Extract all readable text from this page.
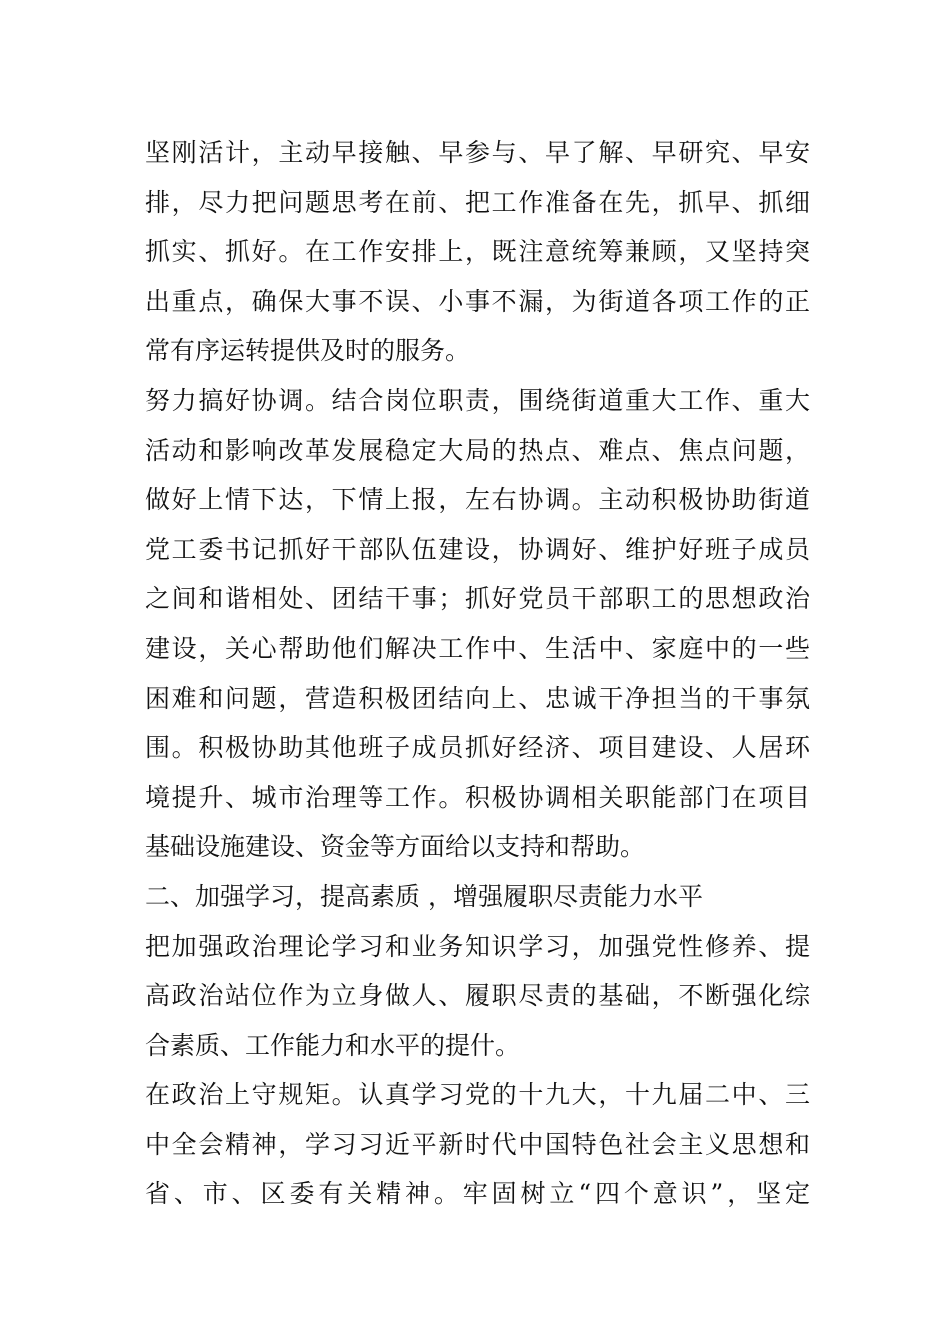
坚刚活计，主动早接触、早参与、早了解、早研究、早安
排，尽力把问题思考在前、把工作准备在先，抓早、抓细
抓实、抓好。在工作安排上，既注意统筹兼顾，又坚持突
出重点，确保大事不误、小事不漏，为街道各项工作的正
常有序运转提供及时的服务。
努力搞好协调。结合岗位职责，围绕街道重大工作、重大
活动和影响改革发展稳定大局的热点、难点、焦点问题，
做好上情下达，下情上报，左右协调。主动积极协助街道
党工委书记抓好干部队伍建设，协调好、维护好班子成员
之间和谐相处、团结干事；抓好党员干部职工的思想政治
建设，关心帮助他们解决工作中、生活中、家庭中的一些
困难和问题，营造积极团结向上、忠诚干净担当的干事氛
围。积极协助其他班子成员抓好经济、项目建设、人居环
境提升、城市治理等工作。积极协调相关职能部门在项目
基础设施建设、资金等方面给以支持和帮助。
二、加强学习，提高素质 ，增强履职尽责能力水平
把加强政治理论学习和业务知识学习，加强党性修养、提
高政治站位作为立身做人、履职尽责的基础，不断强化综
合素质、工作能力和水平的提什。
在政治上守规矩。认真学习党的十九大，十九届二中、三
中全会精神，学习习近平新时代中国特色社会主义思想和
省、市、区委有关精神。牢固树立“四个意识”，坚定
